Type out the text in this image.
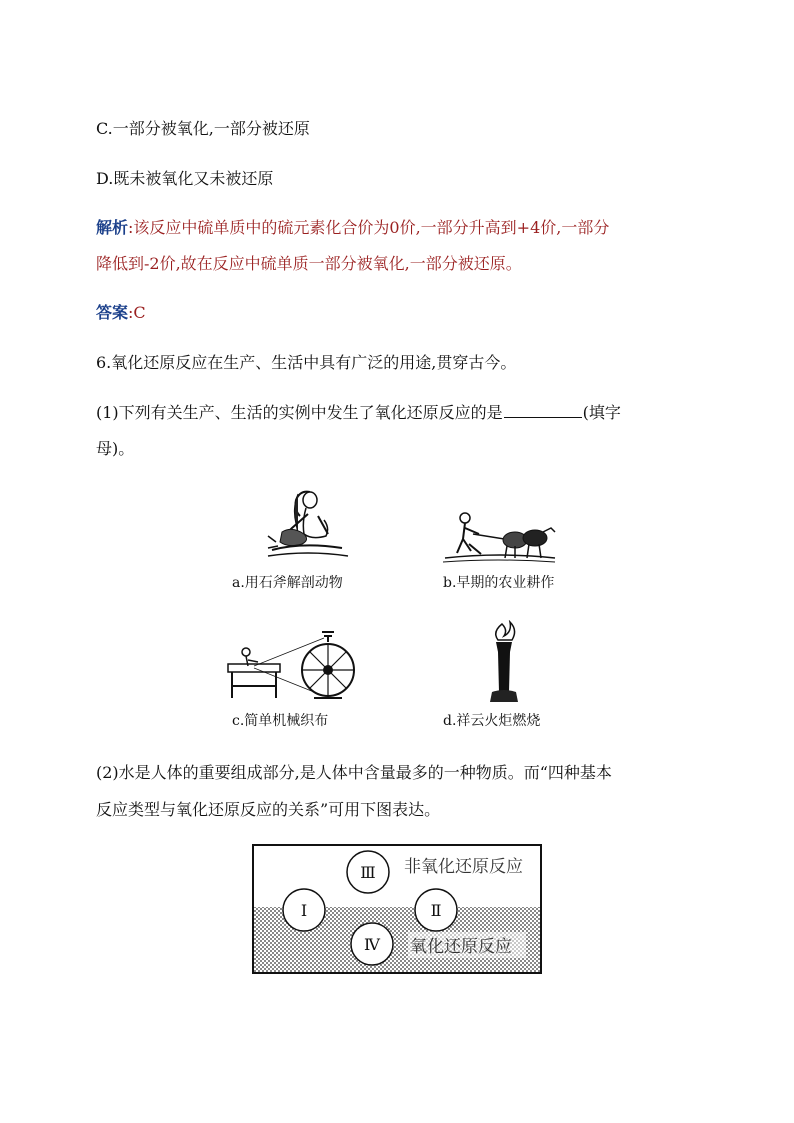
C.一部分被氧化,一部分被还原
D.既未被氧化又未被还原
解析:该反应中硫单质中的硫元素化合价为0价,一部分升高到+4价,一部分
降低到-2价,故在反应中硫单质一部分被氧化,一部分被还原。
答案:C
6.氧化还原反应在生产、生活中具有广泛的用途,贯穿古今。
(1)下列有关生产、生活的实例中发生了氧化还原反应的是	(填字
母)。
a.用石斧解剖动物	b.早期的农业耕作
c.简单机械织布	d.祥云火炬燃烧
(2)水是人体的重要组成部分,是人体中含量最多的一种物质。而“四种基本
反应类型与氧化还原反应的关系”可用下图表达。
非氧化还原反应
氧化还原反应
Ⅲ
Ⅰ	Ⅱ
Ⅳ
